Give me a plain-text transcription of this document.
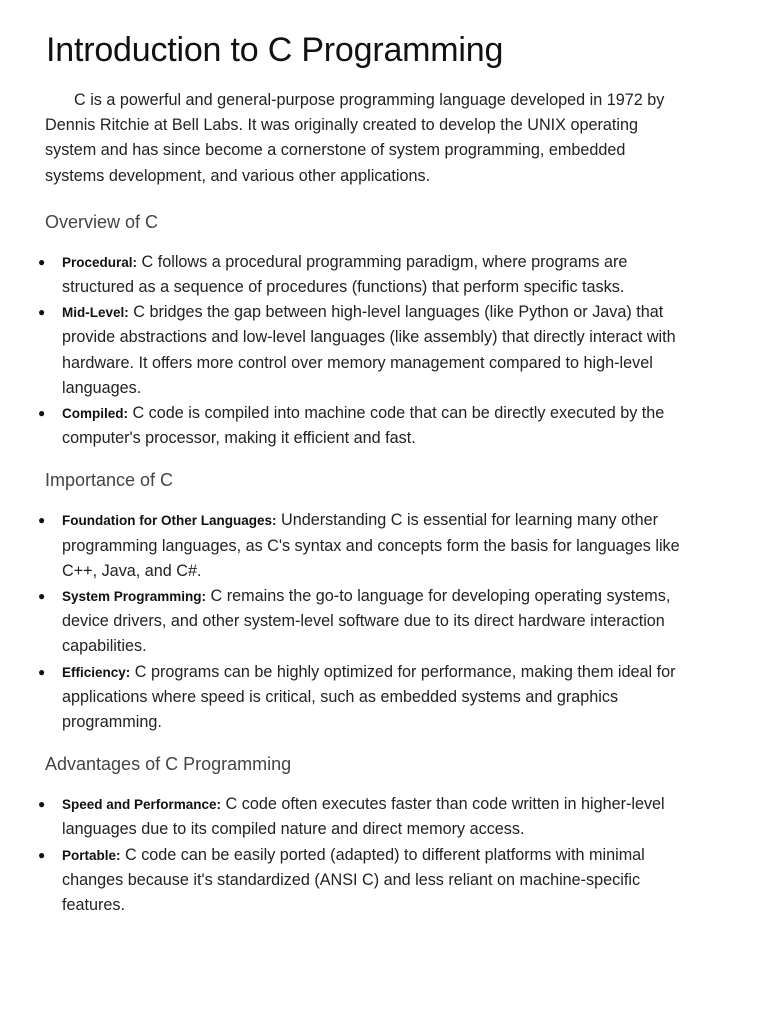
Introduction to C Programming

C is a powerful and general-purpose programming language developed in 1972 by Dennis Ritchie at Bell Labs. It was originally created to develop the UNIX operating system and has since become a cornerstone of system programming, embedded systems development, and various other applications.

Overview of C
● Procedural: C follows a procedural programming paradigm, where programs are structured as a sequence of procedures (functions) that perform specific tasks.
● Mid-Level: C bridges the gap between high-level languages (like Python or Java) that provide abstractions and low-level languages (like assembly) that directly interact with hardware. It offers more control over memory management compared to high-level languages.
● Compiled: C code is compiled into machine code that can be directly executed by the computer's processor, making it efficient and fast.
Importance of C
● Foundation for Other Languages: Understanding C is essential for learning many other programming languages, as C's syntax and concepts form the basis for languages like C++, Java, and C#.
● System Programming: C remains the go-to language for developing operating systems, device drivers, and other system-level software due to its direct hardware interaction capabilities.
● Efficiency: C programs can be highly optimized for performance, making them ideal for applications where speed is critical, such as embedded systems and graphics programming.
Advantages of C Programming
● Speed and Performance: C code often executes faster than code written in higher-level languages due to its compiled nature and direct memory access.
● Portable: C code can be easily ported (adapted) to different platforms with minimal changes because it's standardized (ANSI C) and less reliant on machine-specific features.
